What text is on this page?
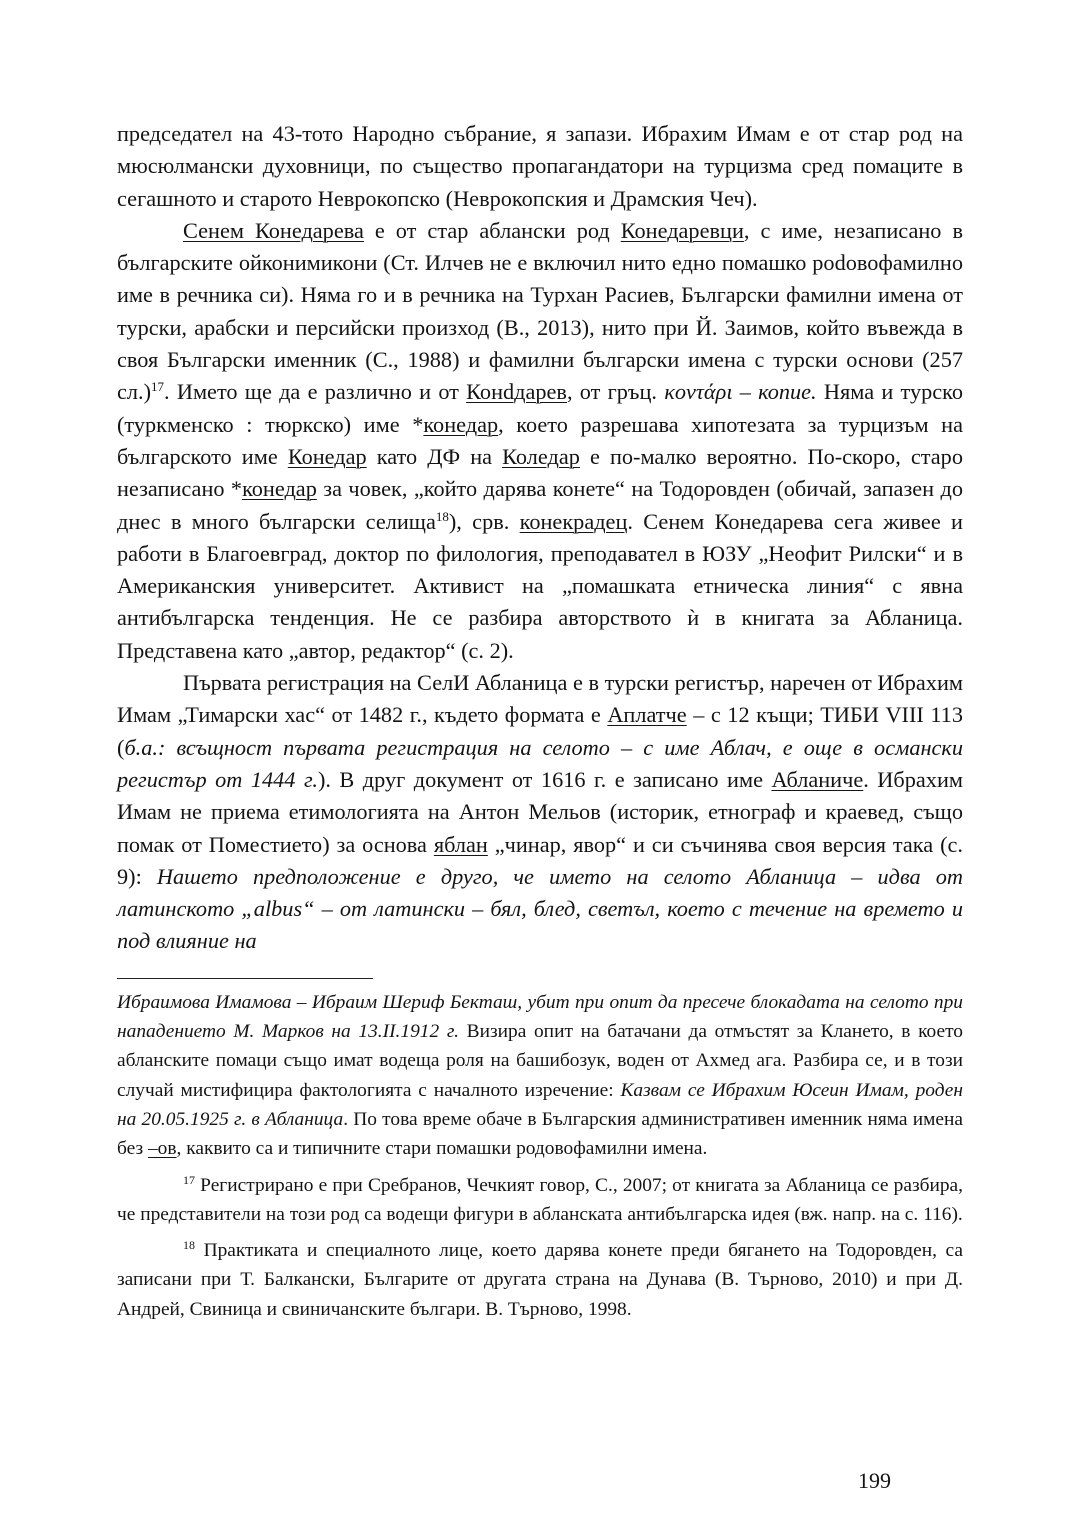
председател на 43-тото Народно събрание, я запази. Ибрахим Имам е от стар род на мюсюлмански духовници, по същество пропагандатори на турцизма сред помаците в сегашното и старото Неврокопско (Неврокопския и Драмския Чеч).

Сенем Конедарева е от стар аблански род Конедаревци, с име, незаписано в българските ойконимикони (Ст. Илчев не е включил нито едно помашко роdовофамилно име в речника си). Няма го и в речника на Турхан Расиев, Български фамилни имена от турски, арабски и персийски произход (В., 2013), нито при Й. Заимов, който въвежда в своя Български именник (С., 1988) и фамилни български имена с турски основи (257 сл.)$^{17}$. Името ще да е различно и от Конdдарев, от гръц. κοντάρι – копие. Няма и турско (туркменско : тюркско) име *конедар, което разрешава хипотезата за турцизъм на българското име Конедар като ДФ на Коледар е по-малко вероятно. По-скоро, старо незаписано *конедар за човек, „който дарява конете“ на Тодоровден (обичай, запазен до днес в много български селища$^{18}$), срв. конекрадец. Сенем Конедарева сега живее и работи в Благоевград, доктор по филология, преподавател в ЮЗУ „Неофит Рилски“ и в Американския университет. Активист на „помашката етническа линия“ с явна антибългарска тенденция. Не се разбира авторството ѝ в книгата за Абланица. Представена като „автор, редактор“ (с. 2).

Първата регистрация на СелИ Абланица е в турски регистър, наречен от Ибрахим Имам „Тимарски хас“ от 1482 г., където формата е Аплатче – с 12 къщи; ТИБИ VIII 113 (б.а.: всъщност първата регистрация на селото – с име Аблач, е още в османски регистър от 1444 г.). В друг документ от 1616 г. е записано име Абланиче. Ибрахим Имам не приема етимологията на Антон Мельов (историк, етнограф и краевед, също помак от Поместието) за основа яблан „чинар, явор“ и си съчинява своя версия така (с. 9): Нашето предположение е друго, че името на селото Абланица – идва от латинското „albus“ – от латински – бял, блед, светъл, което с течение на времето и под влияние на

Ибраимова Имамова – Ибраим Шериф Бекташ, убит при опит да пресече блокадата на селото при нападението М. Марков на 13.II.1912 г. Визира опит на батачани да отмъстят за Клането, в което абланските помаци също имат водеща роля на башибозук, воден от Ахмед ага. Разбира се, и в този случай мистифицира фактологията с началното изречение: Казвам се Ибрахим Юсеин Имам, роден на 20.05.1925 г. в Абланица. По това време обаче в Българския административен именник няма имена без –ов, каквито са и типичните стари помашки родовофамилни имена.

$^{17}$ Регистрирано е при Сребранов, Чечкият говор, С., 2007; от книгата за Абланица се разбира, че представители на този род са водещи фигури в абланската антибългарска идея (вж. напр. на с. 116).

$^{18}$ Практиката и специалното лице, което дарява конете преди бягането на Тодоровден, са записани при Т. Балкански, Българите от другата страна на Дунава (В. Търново, 2010) и при Д. Андрей, Свиница и свиничанските българи. В. Търново, 1998.

199
